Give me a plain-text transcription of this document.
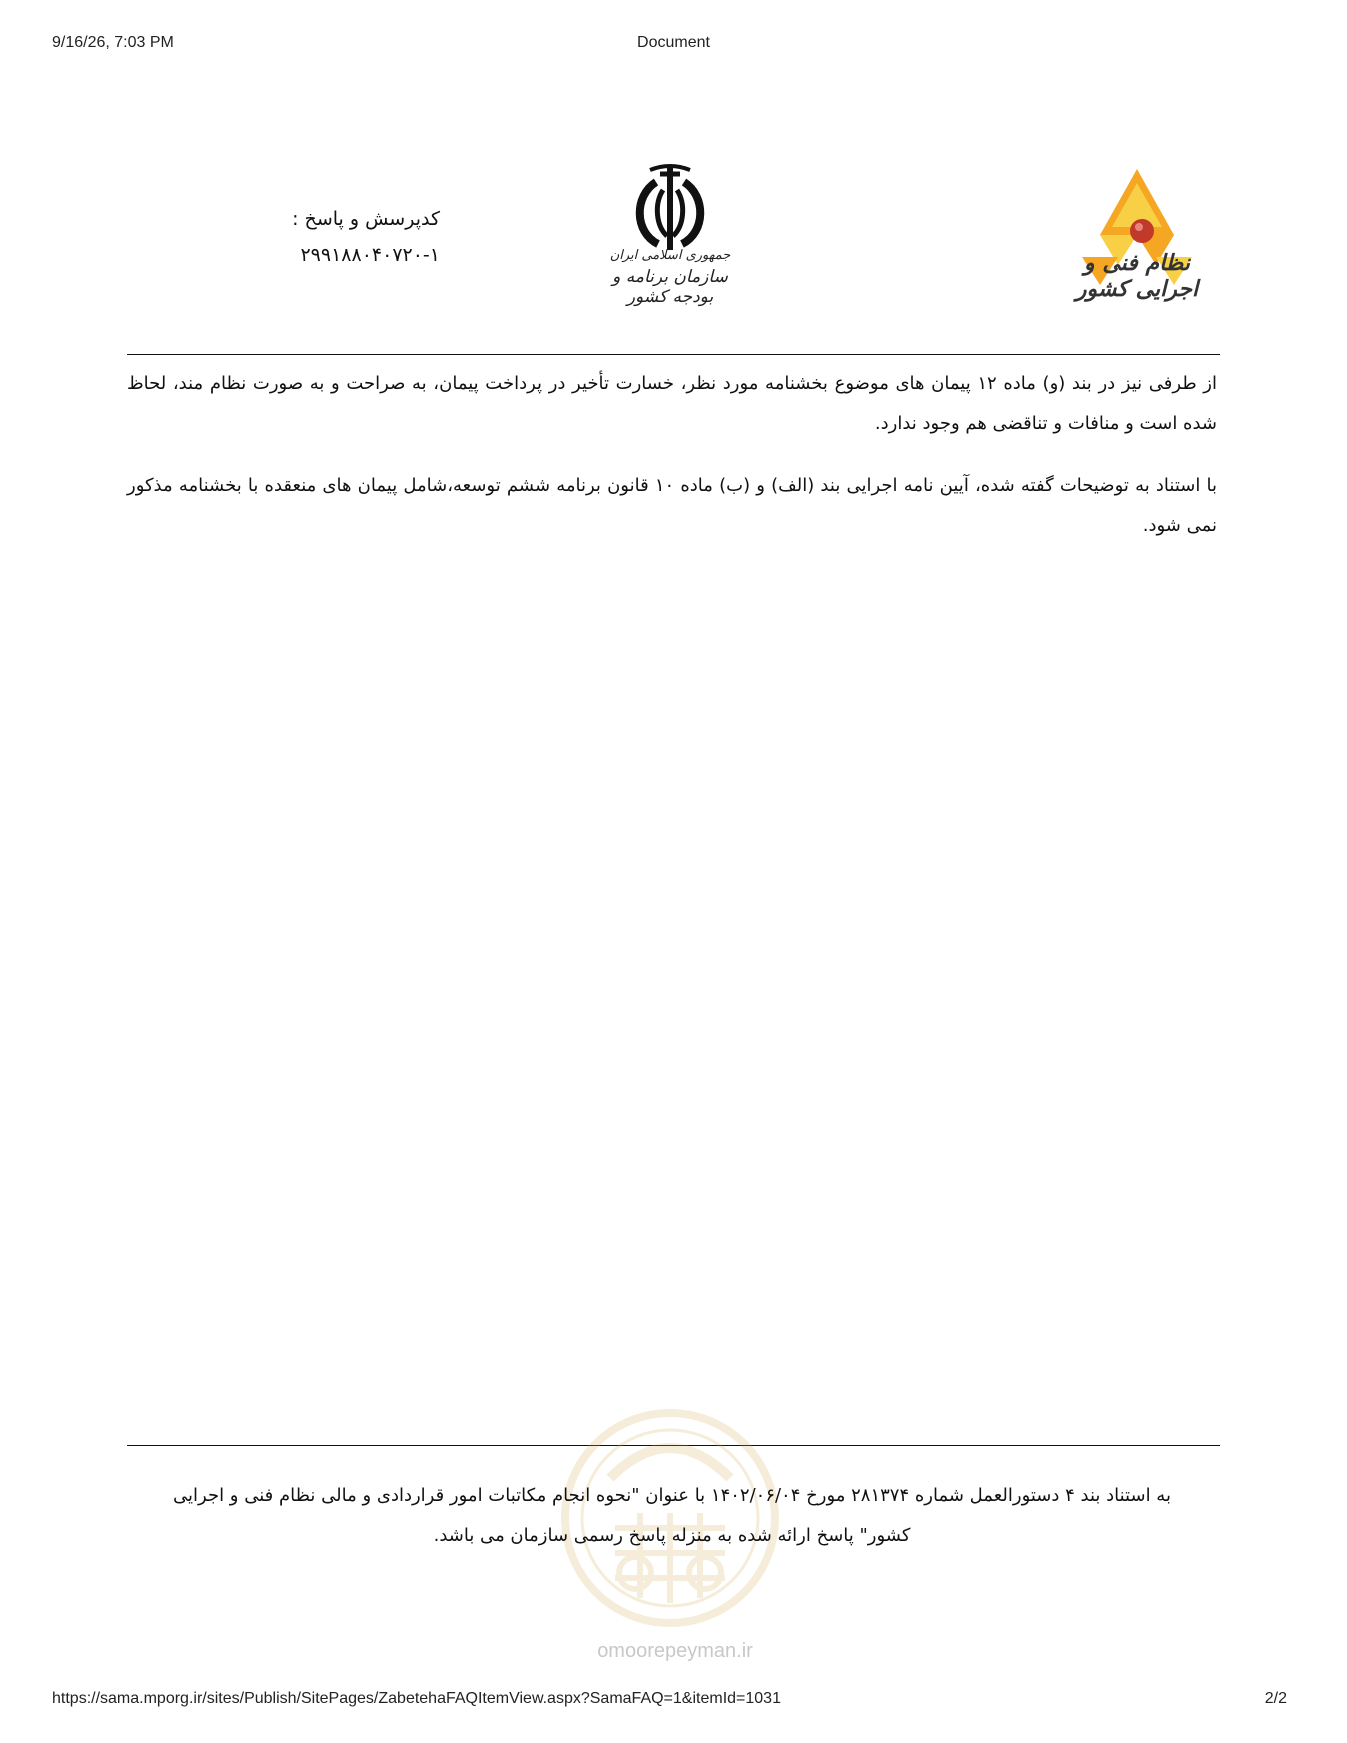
9/16/26, 7:03 PM	Document
نظام فنی و اجرایی کشور
جمهوری اسلامی ایران
سازمان برنامه و بودجه کشور
کدپرسش و پاسخ :
۲۹۹۱۸۸۰۴۰۷۲۰-۱

از طرفی نیز در بند (و) ماده ۱۲ پیمان های موضوع بخشنامه مورد نظر، خسارت تأخیر در پرداخت پیمان، به صراحت و به صورت نظام مند، لحاظ شده است و منافات و تناقضی هم وجود ندارد.

با استناد به توضیحات گفته شده، آیین نامه اجرایی بند (الف) و (ب) ماده ۱۰ قانون برنامه ششم توسعه،شامل پیمان های منعقده با بخشنامه مذکور نمی شود.

omoorepeyman.ir
به استناد بند ۴ دستورالعمل شماره ۲۸۱۳۷۴ مورخ ۱۴۰۲/۰۶/۰۴ با عنوان "نحوه انجام مکاتبات امور قراردادی و مالی نظام فنی و اجرایی
کشور" پاسخ ارائه شده به منزله پاسخ رسمی سازمان می باشد.
https://sama.mporg.ir/sites/Publish/SitePages/ZabetehaFAQItemView.aspx?SamaFAQ=1&itemId=1031	2/2
